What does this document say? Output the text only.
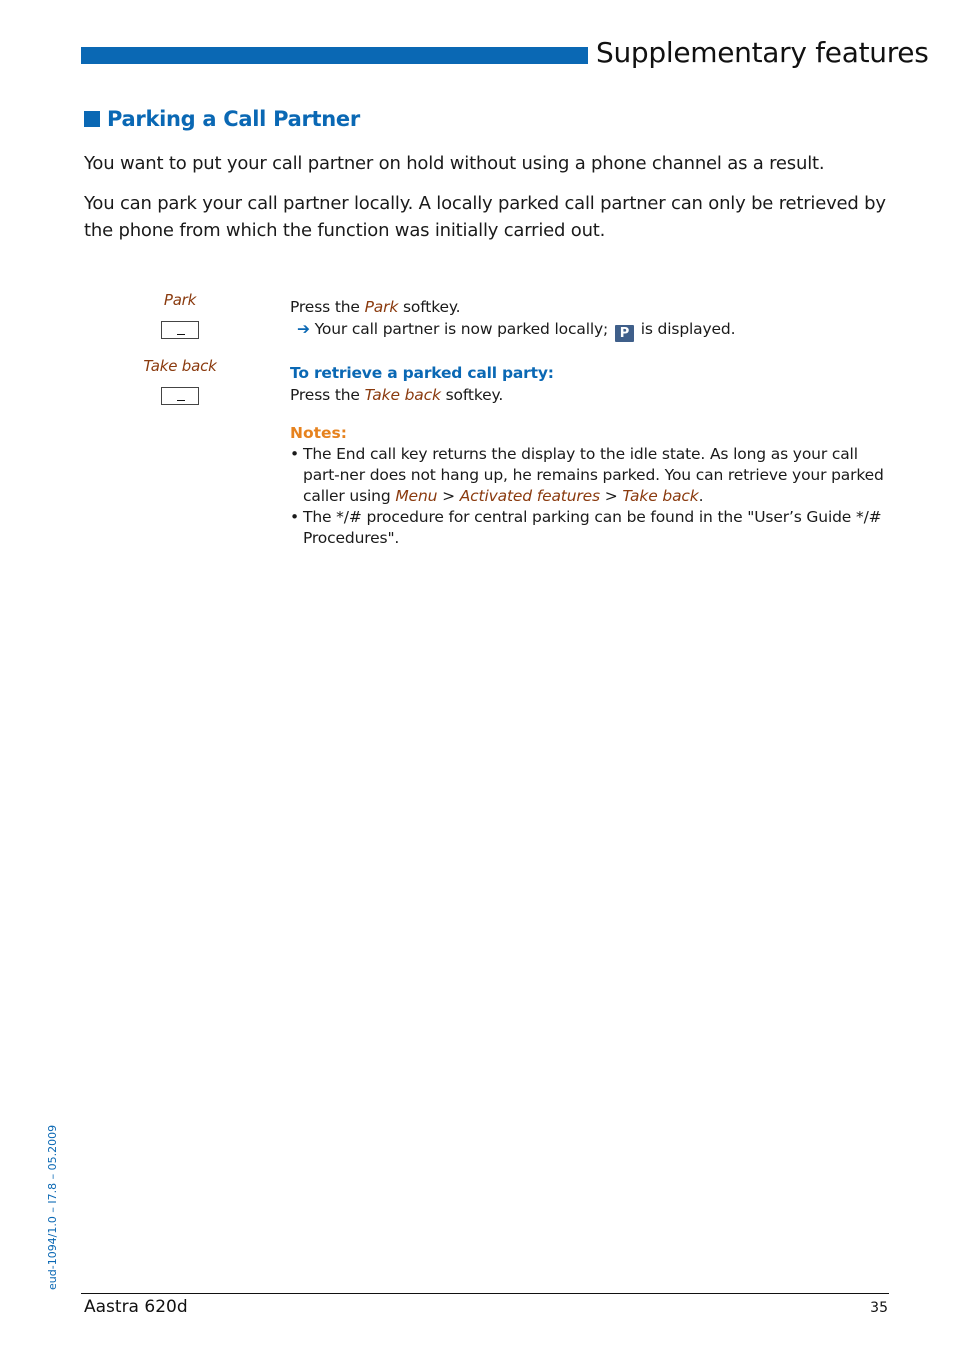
Supplementary features
Parking a Call Partner
You want to put your call partner on hold without using a phone channel as a result.
You can park your call partner locally. A locally parked call partner can only be retrieved by the phone from which the function was initially carried out.
Park
Take back
Press the Park softkey.
➔ Your call partner is now parked locally; P is displayed.
To retrieve a parked call party:
Press the Take back softkey.
Notes:
• The End call key returns the display to the idle state. As long as your call part-ner does not hang up, he remains parked. You can retrieve your parked caller using Menu > Activated features > Take back.
• The */# procedure for central parking can be found in the "User’s Guide */# Procedures".
eud-1094/1.0 – I7.8 – 05.2009
Aastra 620d	35
